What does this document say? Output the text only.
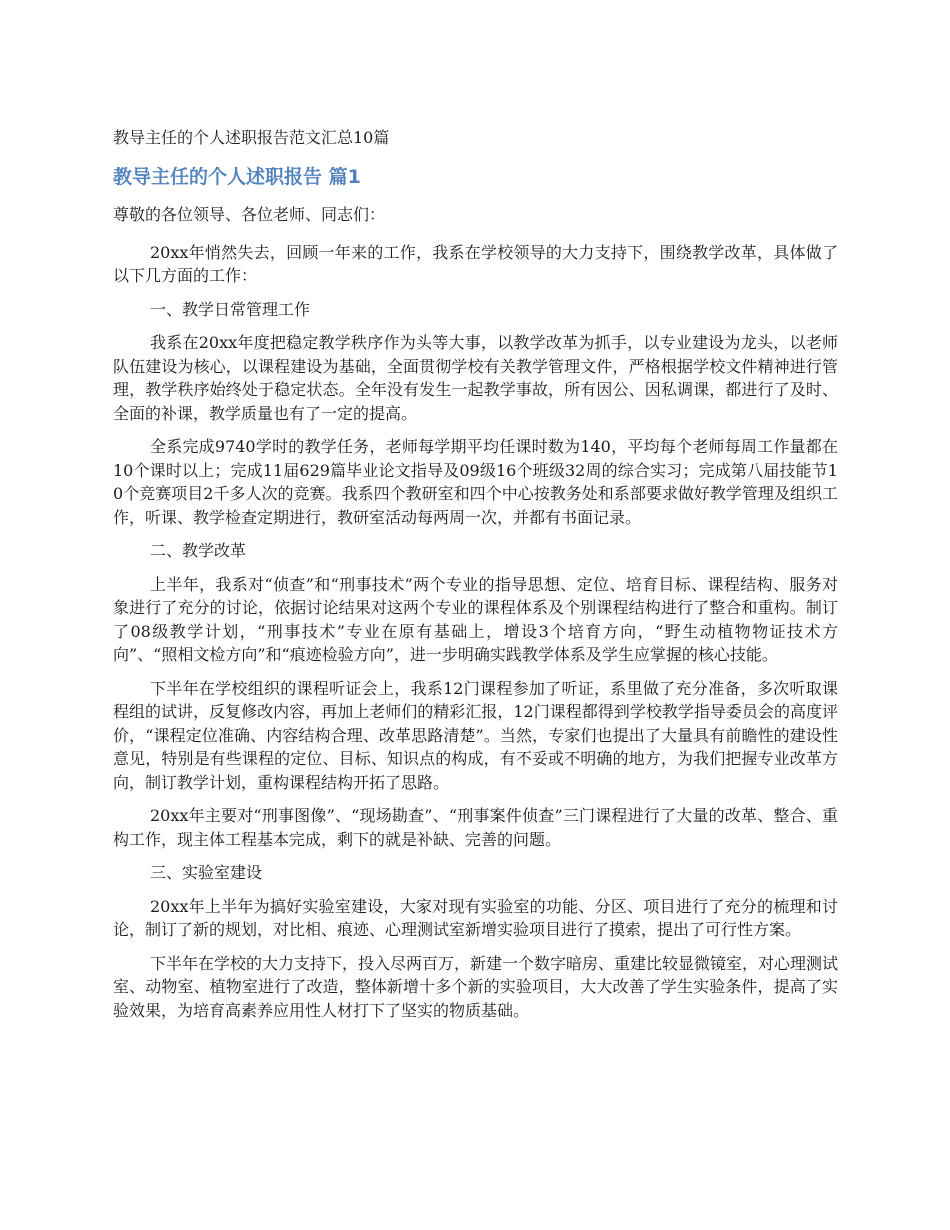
教导主任的个人述职报告范文汇总10篇
教导主任的个人述职报告 篇1

尊敬的各位领导、各位老师、同志们：

20xx年悄然失去，回顾一年来的工作，我系在学校领导的大力支持下，围绕教学改革，具体做了以下几方面的工作：

一、教学日常管理工作

我系在20xx年度把稳定教学秩序作为头等大事，以教学改革为抓手，以专业建设为龙头，以老师队伍建设为核心，以课程建设为基础，全面贯彻学校有关教学管理文件，严格根据学校文件精神进行管理，教学秩序始终处于稳定状态。全年没有发生一起教学事故，所有因公、因私调课，都进行了及时、全面的补课，教学质量也有了一定的提高。

全系完成9740学时的教学任务，老师每学期平均任课时数为140，平均每个老师每周工作量都在10个课时以上；完成11届629篇毕业论文指导及09级16个班级32周的综合实习；完成第八届技能节10个竞赛项目2千多人次的竞赛。我系四个教研室和四个中心按教务处和系部要求做好教学管理及组织工作，听课、教学检查定期进行，教研室活动每两周一次，并都有书面记录。

二、教学改革

上半年，我系对“侦查”和“刑事技术”两个专业的指导思想、定位、培育目标、课程结构、服务对象进行了充分的讨论，依据讨论结果对这两个专业的课程体系及个别课程结构进行了整合和重构。制订了08级教学计划，“刑事技术”专业在原有基础上，增设3个培育方向，“野生动植物物证技术方向”、“照相文检方向”和“痕迹检验方向”，进一步明确实践教学体系及学生应掌握的核心技能。

下半年在学校组织的课程听证会上，我系12门课程参加了听证，系里做了充分准备，多次听取课程组的试讲，反复修改内容，再加上老师们的精彩汇报，12门课程都得到学校教学指导委员会的高度评价，“课程定位准确、内容结构合理、改革思路清楚”。当然，专家们也提出了大量具有前瞻性的建设性意见，特别是有些课程的定位、目标、知识点的构成，有不妥或不明确的地方，为我们把握专业改革方向，制订教学计划，重构课程结构开拓了思路。

20xx年主要对“刑事图像”、“现场勘查”、“刑事案件侦查”三门课程进行了大量的改革、整合、重构工作，现主体工程基本完成，剩下的就是补缺、完善的问题。

三、实验室建设

20xx年上半年为搞好实验室建设，大家对现有实验室的功能、分区、项目进行了充分的梳理和讨论，制订了新的规划，对比相、痕迹、心理测试室新增实验项目进行了摸索，提出了可行性方案。

下半年在学校的大力支持下，投入尽两百万，新建一个数字暗房、重建比较显微镜室，对心理测试室、动物室、植物室进行了改造，整体新增十多个新的实验项目，大大改善了学生实验条件，提高了实验效果，为培育高素养应用性人材打下了坚实的物质基础。
